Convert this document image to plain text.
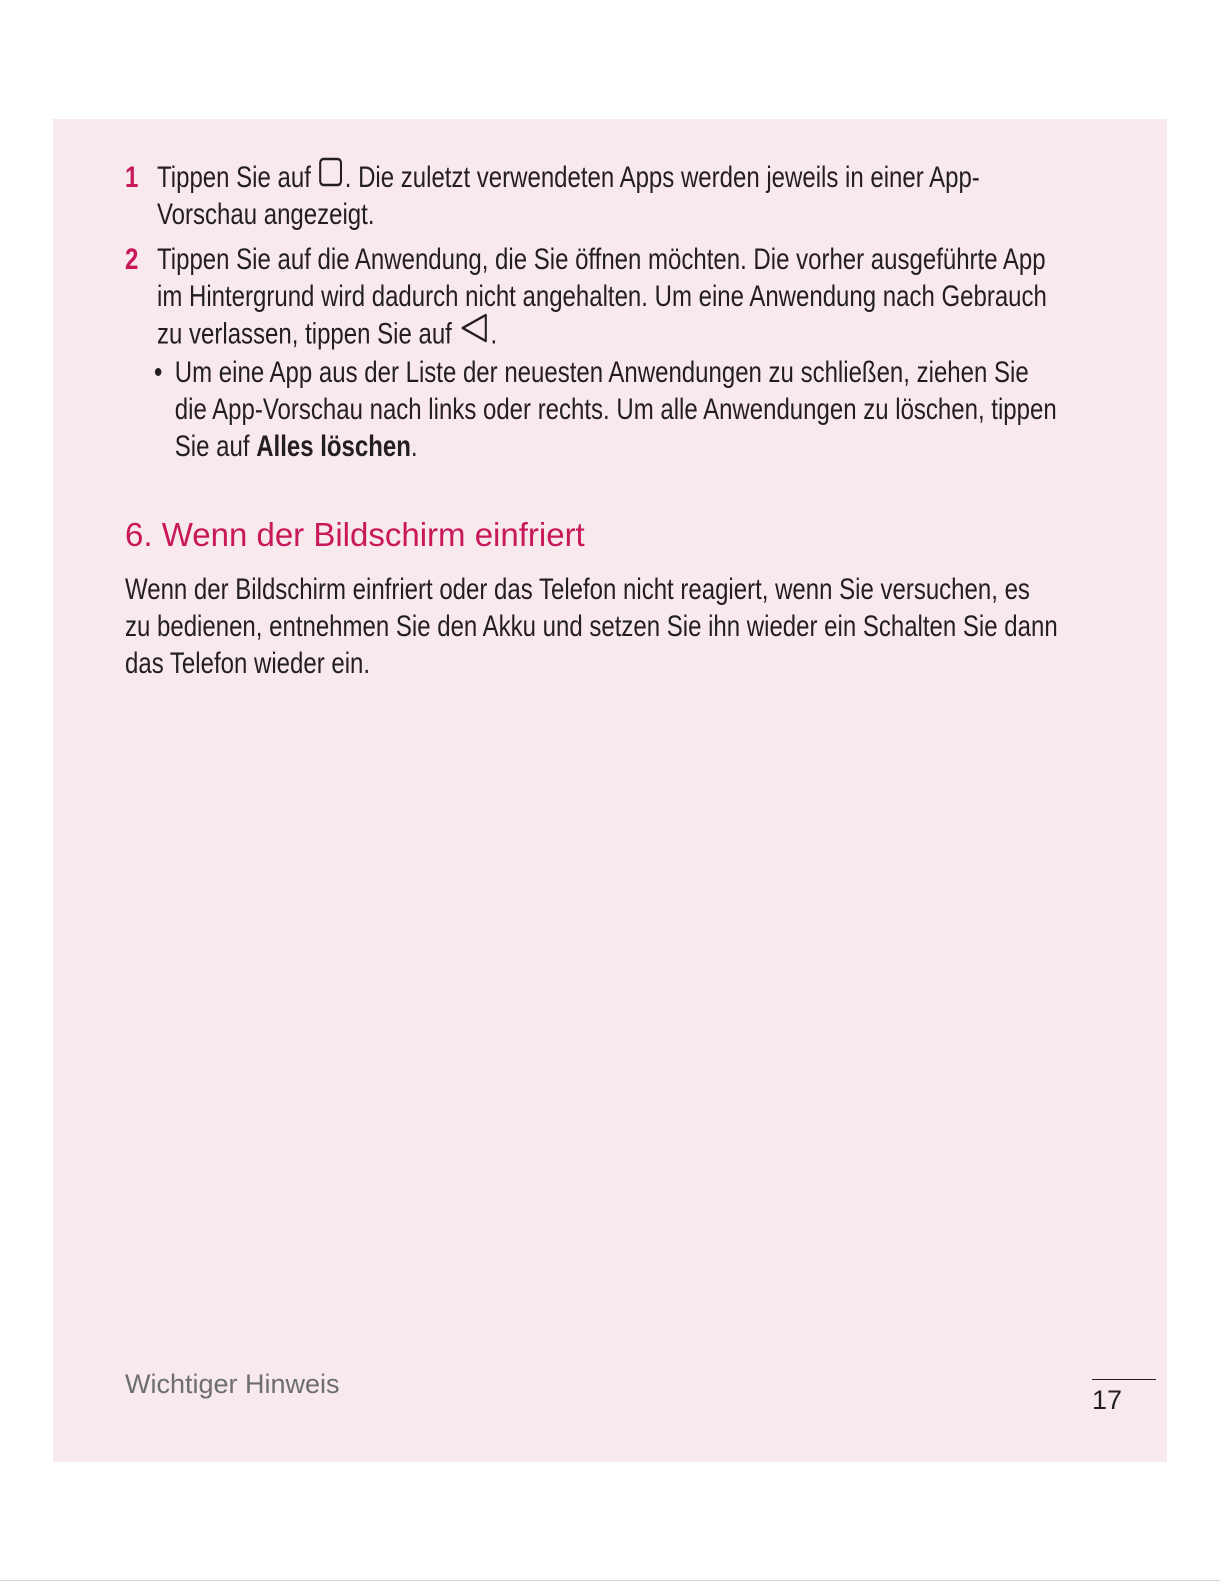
1 Tippen Sie auf . Die zuletzt verwendeten Apps werden jeweils in einer App-
Vorschau angezeigt.
2 Tippen Sie auf die Anwendung, die Sie öffnen möchten. Die vorher ausgeführte App
im Hintergrund wird dadurch nicht angehalten. Um eine Anwendung nach Gebrauch
zu verlassen, tippen Sie auf .
• Um eine App aus der Liste der neuesten Anwendungen zu schließen, ziehen Sie
die App-Vorschau nach links oder rechts. Um alle Anwendungen zu löschen, tippen
Sie auf Alles löschen.
6. Wenn der Bildschirm einfriert
Wenn der Bildschirm einfriert oder das Telefon nicht reagiert, wenn Sie versuchen, es
zu bedienen, entnehmen Sie den Akku und setzen Sie ihn wieder ein Schalten Sie dann
das Telefon wieder ein.
Wichtiger Hinweis
17
